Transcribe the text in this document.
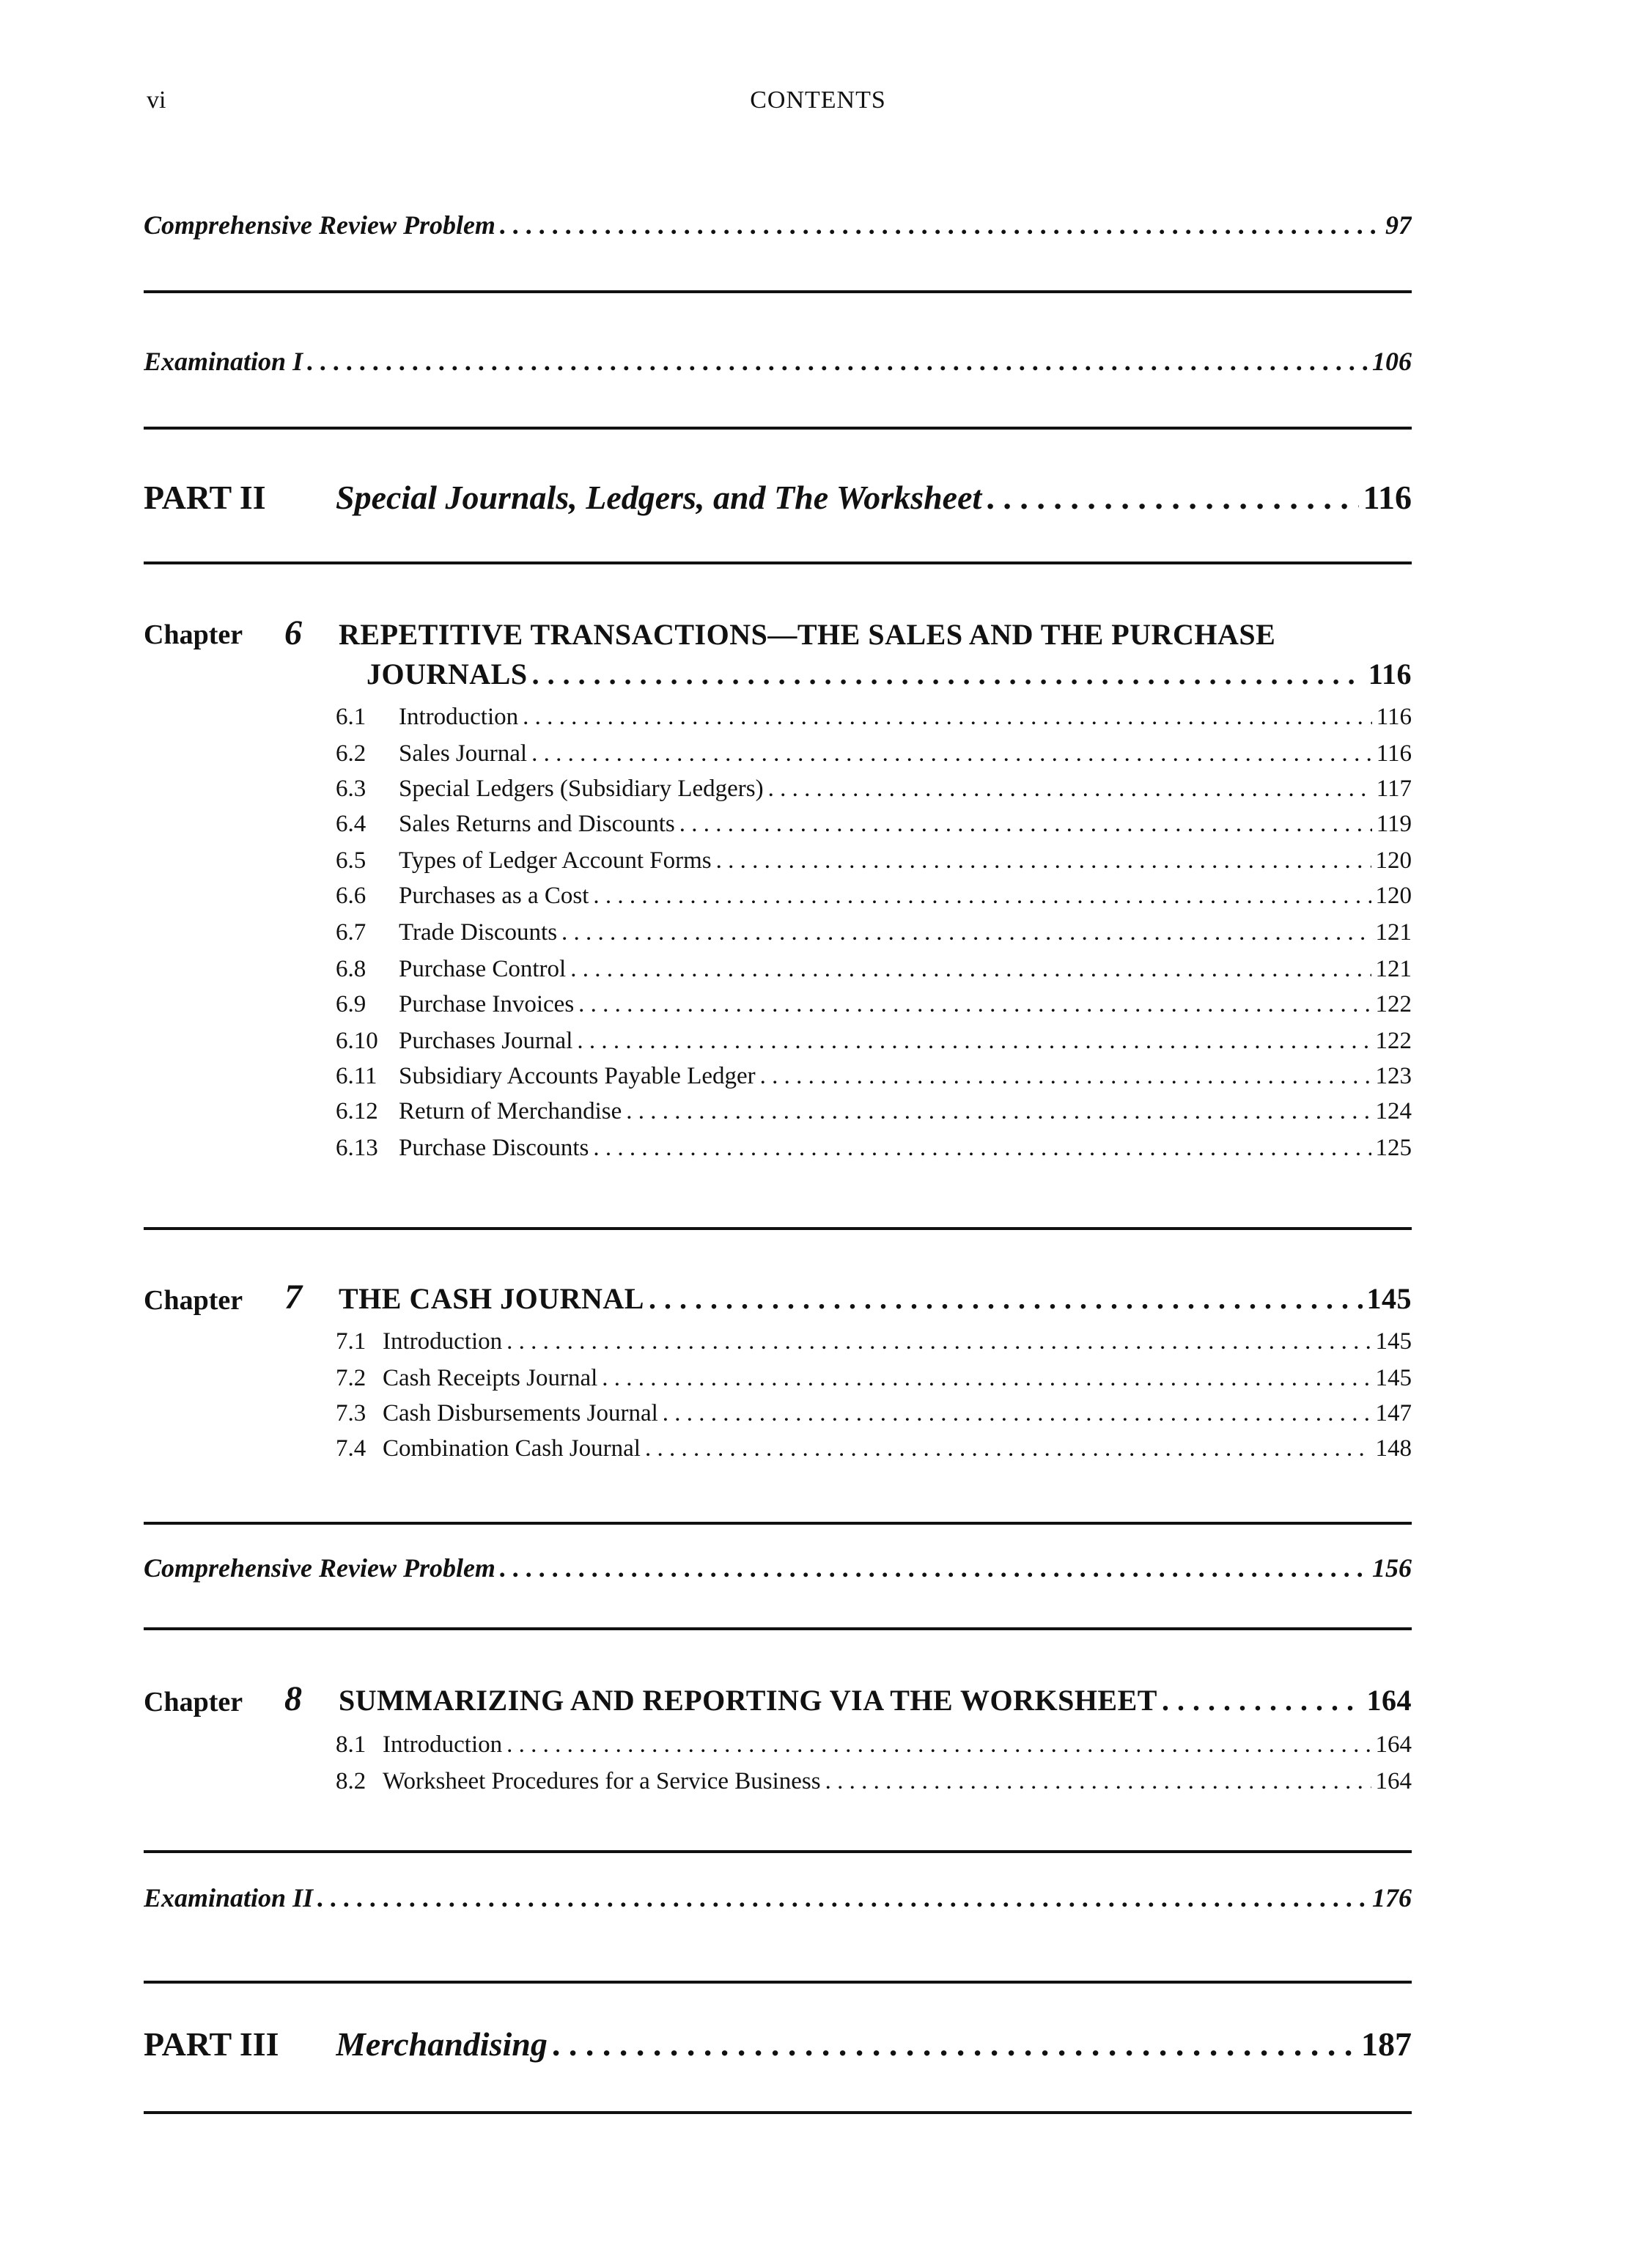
vi	CONTENTS
Comprehensive Review Problem . . .	97
Examination I . . .	106
PART II Special Journals, Ledgers, and The Worksheet . . .	116
Chapter 6 REPETITIVE TRANSACTIONS—THE SALES AND THE PURCHASE
JOURNALS . . .	116
6.1 Introduction . . .	116
6.2 Sales Journal . . .	116
6.3 Special Ledgers (Subsidiary Ledgers) . . .	117
6.4 Sales Returns and Discounts . . .	119
6.5 Types of Ledger Account Forms . . .	120
6.6 Purchases as a Cost . . .	120
6.7 Trade Discounts . . .	121
6.8 Purchase Control . . .	121
6.9 Purchase Invoices . . .	122
6.10 Purchases Journal . . .	122
6.11 Subsidiary Accounts Payable Ledger . . .	123
6.12 Return of Merchandise . . .	124
6.13 Purchase Discounts . . .	125
Chapter 7 THE CASH JOURNAL . . .	145
7.1 Introduction . . .	145
7.2 Cash Receipts Journal . . .	145
7.3 Cash Disbursements Journal . . .	147
7.4 Combination Cash Journal . . .	148
Comprehensive Review Problem . . .	156
Chapter 8 SUMMARIZING AND REPORTING VIA THE WORKSHEET . . .	164
8.1 Introduction . . .	164
8.2 Worksheet Procedures for a Service Business . . .	164
Examination II . . .	176
PART III Merchandising . . .	187
